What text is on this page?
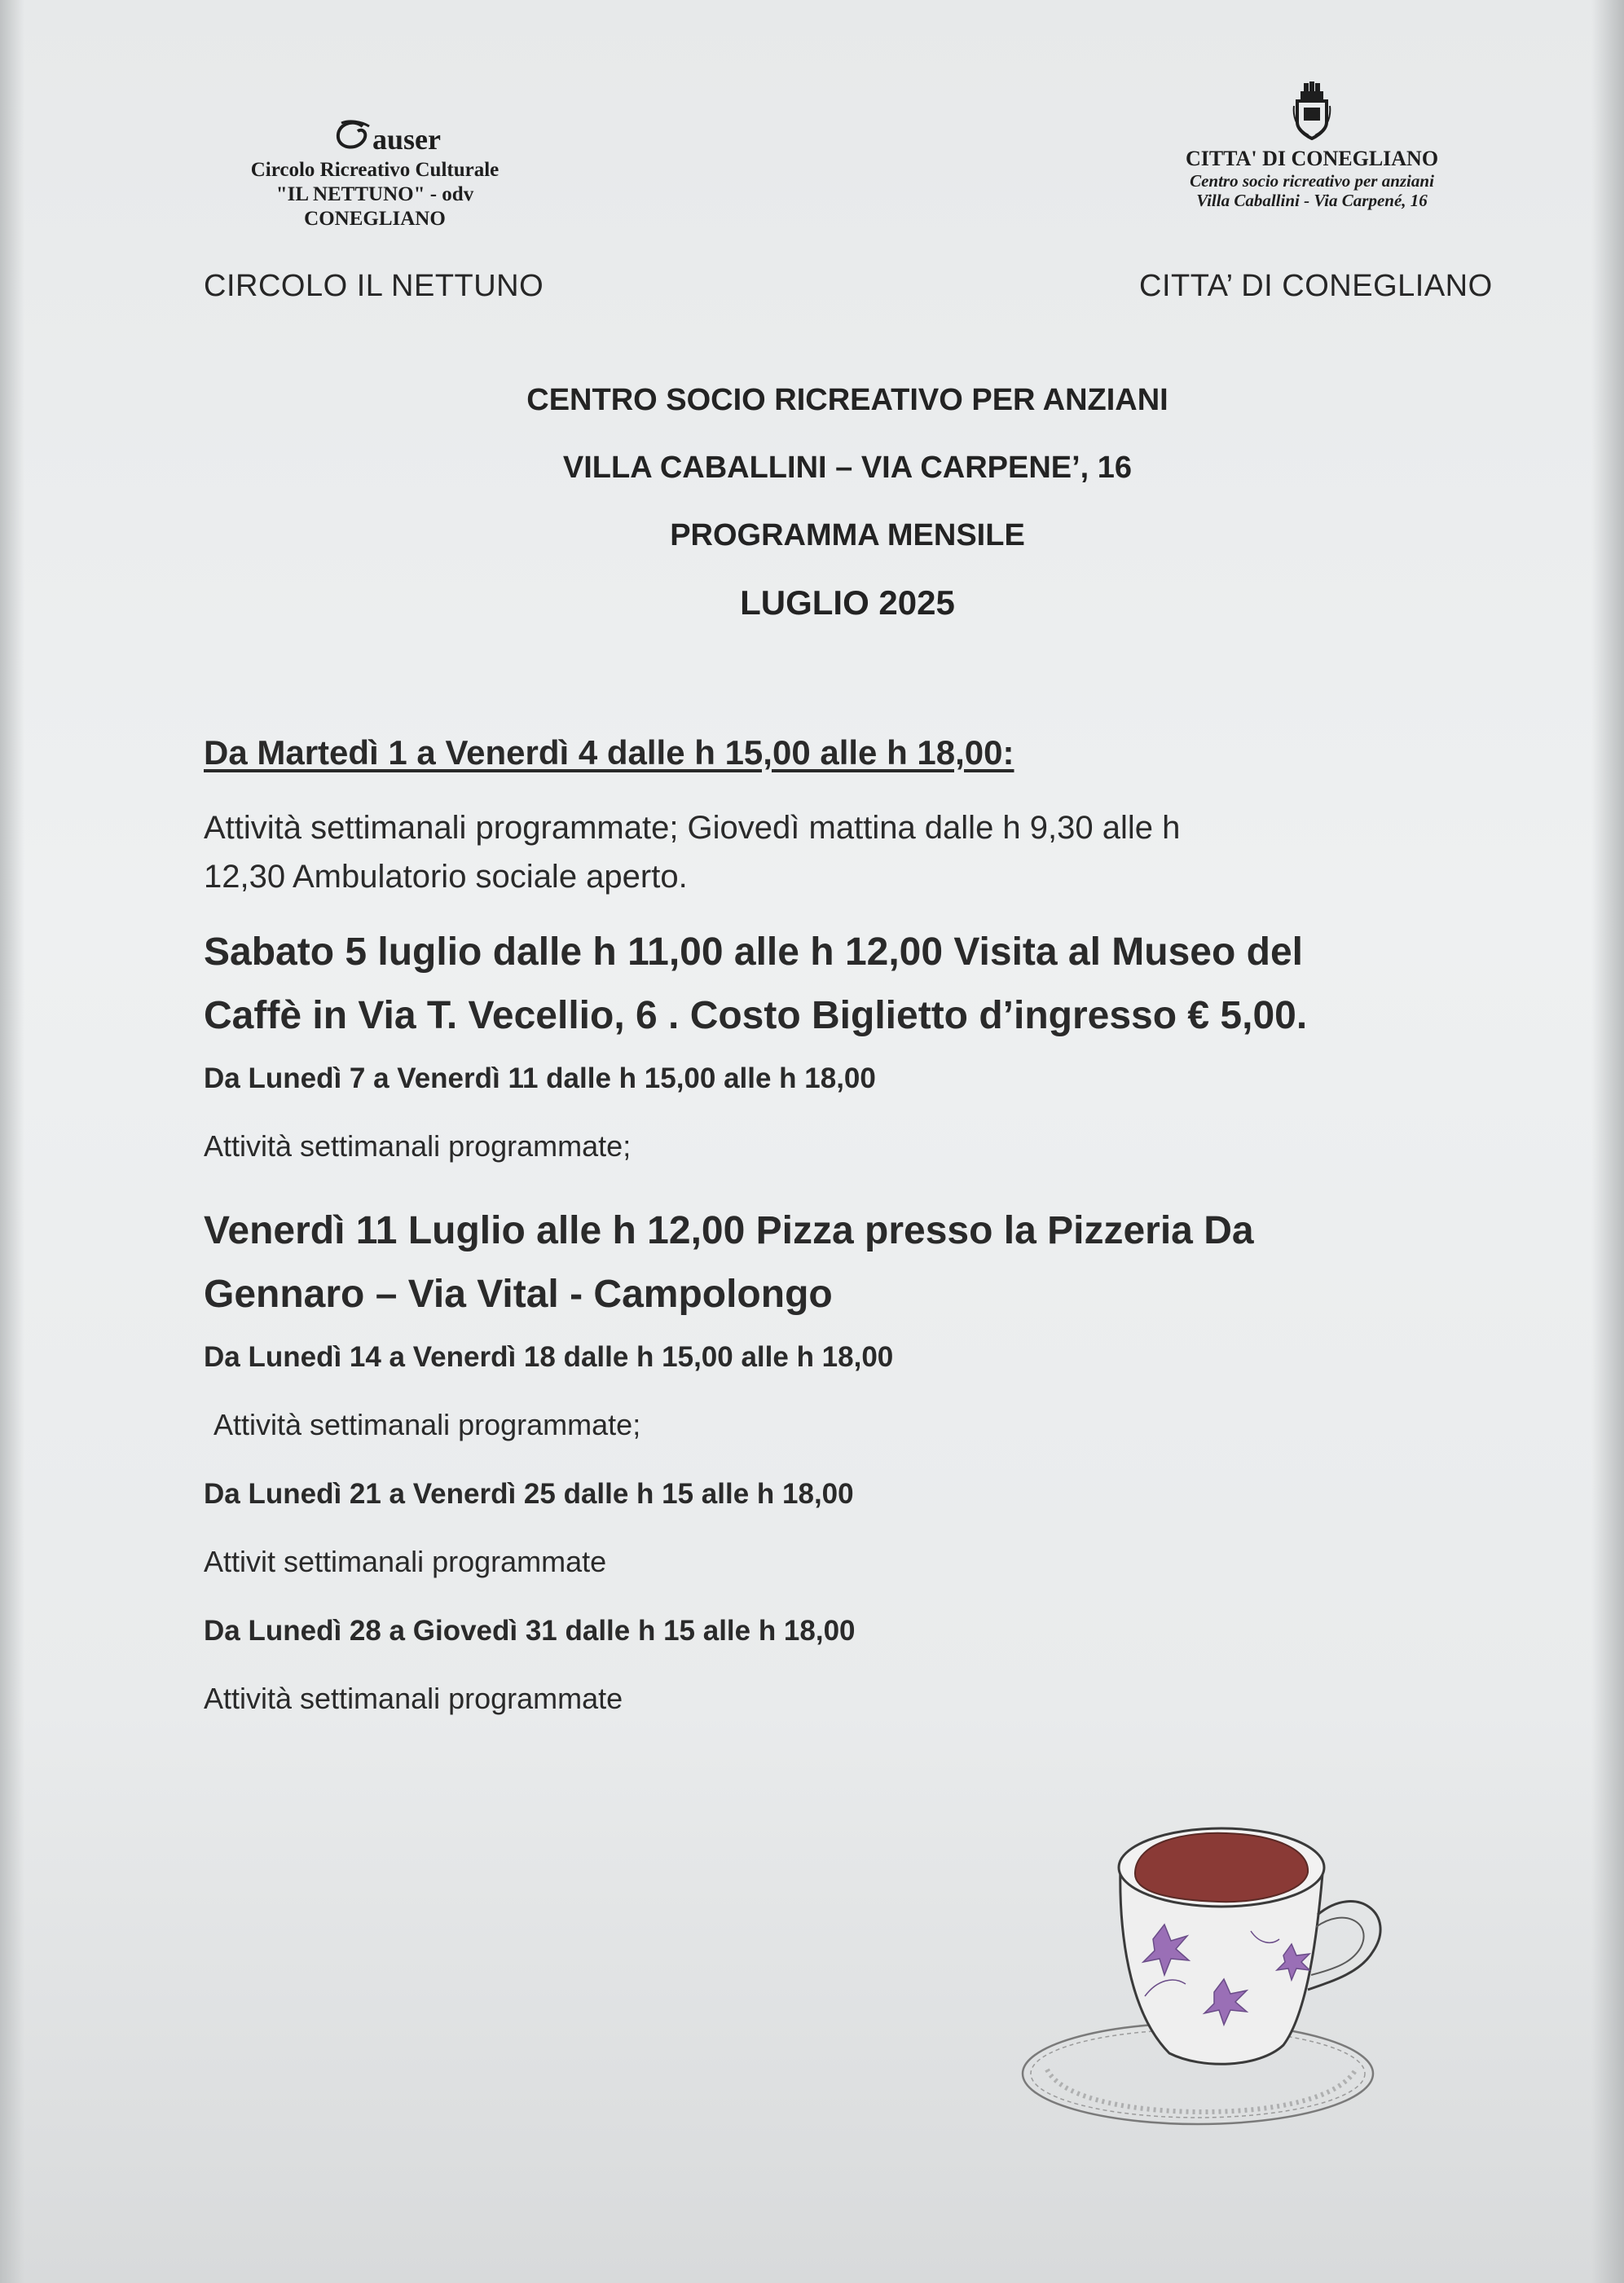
auser
Circolo Ricreativo Culturale
"IL NETTUNO" - odv
CONEGLIANO
CITTA' DI CONEGLIANO
Centro socio ricreativo per anziani
Villa Caballini - Via Carpené, 16
CIRCOLO IL NETTUNO	CITTA’ DI CONEGLIANO
CENTRO SOCIO RICREATIVO PER ANZIANI
VILLA CABALLINI – VIA CARPENE’, 16
PROGRAMMA MENSILE
LUGLIO 2025
Da Martedì 1 a Venerdì 4 dalle h 15,00 alle h 18,00:
Attività settimanali programmate; Giovedì mattina dalle h 9,30 alle h
12,30 Ambulatorio sociale aperto.
Sabato 5 luglio dalle h 11,00 alle h 12,00 Visita al Museo del
Caffè in Via T. Vecellio, 6 . Costo Biglietto d’ingresso € 5,00.
Da Lunedì 7 a Venerdì 11 dalle h 15,00 alle h 18,00
Attività settimanali programmate;
Venerdì 11 Luglio alle h 12,00 Pizza presso la Pizzeria Da
Gennaro – Via Vital - Campolongo
Da Lunedì 14 a Venerdì 18 dalle h 15,00 alle h 18,00
Attività settimanali programmate;
Da Lunedì 21 a Venerdì 25 dalle h 15 alle h 18,00
Attivit settimanali programmate
Da Lunedì 28 a Giovedì 31 dalle h 15 alle h 18,00
Attività settimanali programmate
